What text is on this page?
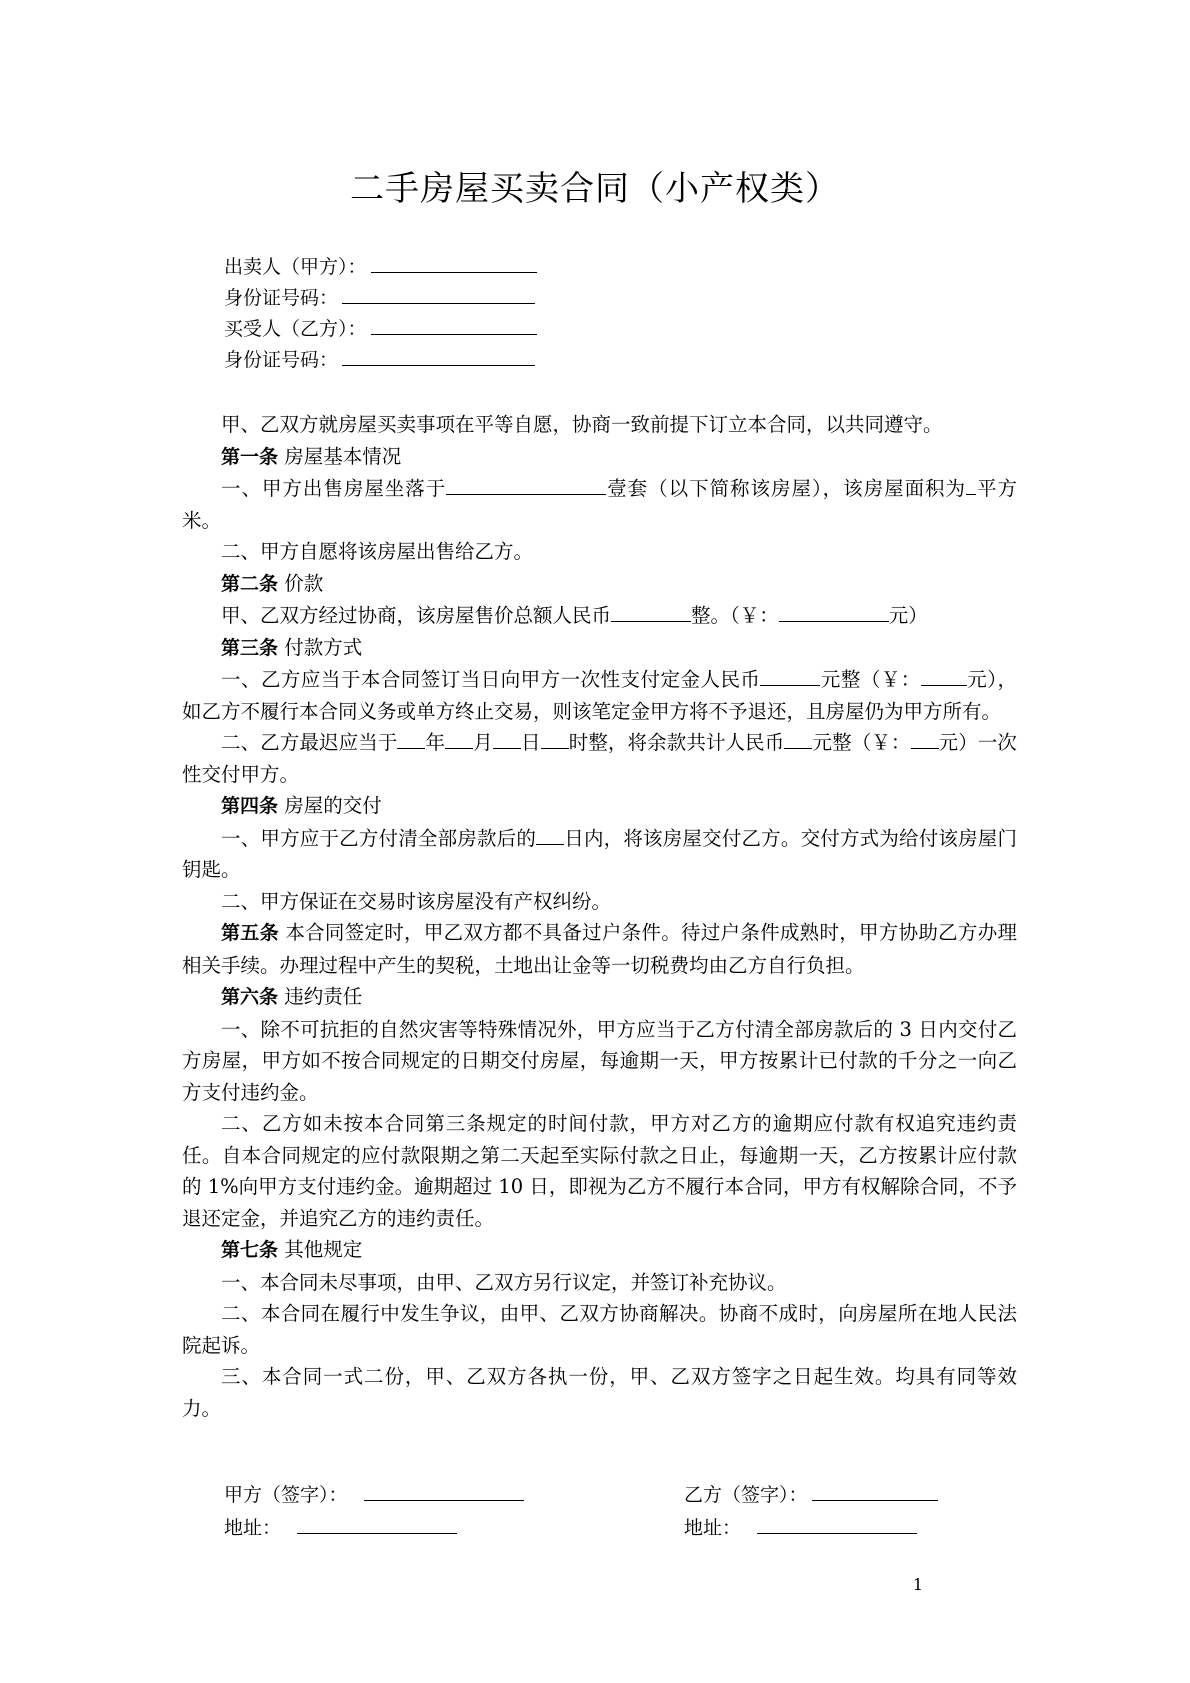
二手房屋买卖合同（小产权类）
出卖人（甲方）：
身份证号码：
买受人（乙方）：
身份证号码：

甲、乙双方就房屋买卖事项在平等自愿，协商一致前提下订立本合同，以共同遵守。

第一条 房屋基本情况

一、甲方出售房屋坐落于	壹套（以下简称该房屋），该房屋面积为 平方米。

二、甲方自愿将该房屋出售给乙方。

第二条 价款

甲、乙双方经过协商，该房屋售价总额人民币	整。（￥：	元）

第三条 付款方式

一、乙方应当于本合同签订当日向甲方一次性支付定金人民币	元整（￥： 元），如乙方不履行本合同义务或单方终止交易，则该笔定金甲方将不予退还，且房屋仍为甲方所有。

二、乙方最迟应当于 年 月 日 时整，将余款共计人民币 元整（￥： 元）一次性交付甲方。

第四条 房屋的交付

一、甲方应于乙方付清全部房款后的 日内，将该房屋交付乙方。交付方式为给付该房屋门钥匙。

二、甲方保证在交易时该房屋没有产权纠纷。

第五条 本合同签定时，甲乙双方都不具备过户条件。待过户条件成熟时，甲方协助乙方办理相关手续。办理过程中产生的契税，土地出让金等一切税费均由乙方自行负担。

第六条 违约责任

一、除不可抗拒的自然灾害等特殊情况外，甲方应当于乙方付清全部房款后的 3 日内交付乙方房屋，甲方如不按合同规定的日期交付房屋，每逾期一天，甲方按累计已付款的千分之一向乙方支付违约金。

二、乙方如未按本合同第三条规定的时间付款，甲方对乙方的逾期应付款有权追究违约责任。自本合同规定的应付款限期之第二天起至实际付款之日止，每逾期一天，乙方按累计应付款的 1%向甲方支付违约金。逾期超过 10 日，即视为乙方不履行本合同，甲方有权解除合同，不予退还定金，并追究乙方的违约责任。

第七条 其他规定

一、本合同未尽事项，由甲、乙双方另行议定，并签订补充协议。

二、本合同在履行中发生争议，由甲、乙双方协商解决。协商不成时，向房屋所在地人民法院起诉。

三、本合同一式二份，甲、乙双方各执一份，甲、乙双方签字之日起生效。均具有同等效力。

甲方（签字）：	乙方（签字）：
地址：	地址：
1
